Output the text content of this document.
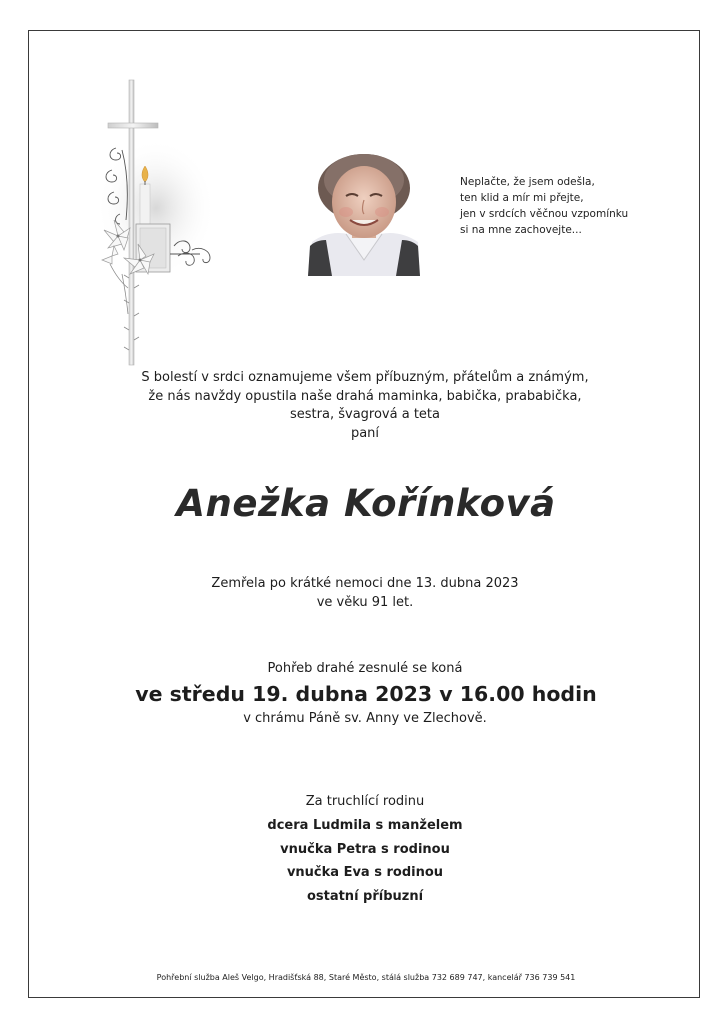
Neplačte, že jsem odešla,
ten klid a mír mi přejte,
jen v srdcích věčnou vzpomínku
si na mne zachovejte...
S bolestí v srdci oznamujeme všem příbuzným, přátelům a známým,
že nás navždy opustila naše drahá maminka, babička, prababička,
sestra, švagrová a teta
paní
Anežka Kořínková
Zemřela po krátké nemoci dne 13. dubna 2023
ve věku 91 let.
Pohřeb drahé zesnulé se koná
ve středu 19. dubna 2023 v 16.00 hodin
v chrámu Páně sv. Anny ve Zlechově.
Za truchlící rodinu
dcera Ludmila s manželem
vnučka Petra s rodinou
vnučka Eva s rodinou
ostatní příbuzní
Pohřební služba Aleš Velgo, Hradišťská 88, Staré Město, stálá služba 732 689 747, kancelář 736 739 541
